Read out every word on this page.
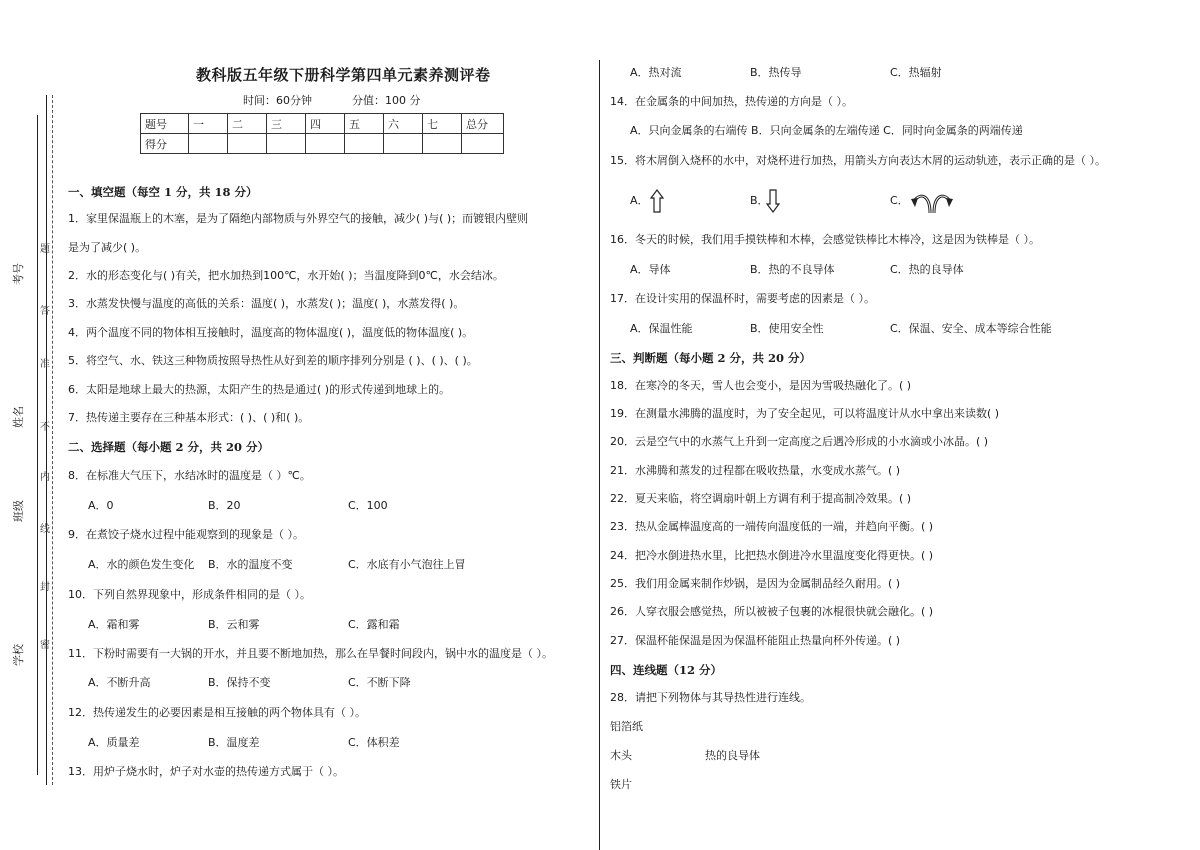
考号
姓名
班级
学校
题
答
准
不
内
线
封
密
教科版五年级下册科学第四单元素养测评卷
时间：60分钟	分值：100 分
题号	一	二	三	四	五	六	七	总分
得分								
一、填空题（每空 1 分，共 18 分）
1．家里保温瓶上的木塞，是为了隔绝内部物质与外界空气的接触，减少( )与( )；而镀银内壁则
是为了减少( )。
2．水的形态变化与( )有关，把水加热到100℃，水开始( )；当温度降到0℃，水会结冰。
3．水蒸发快慢与温度的高低的关系：温度( )，水蒸发( )；温度( )，水蒸发得( )。
4．两个温度不同的物体相互接触时，温度高的物体温度( )，温度低的物体温度( )。
5．将空气、水、铁这三种物质按照导热性从好到差的顺序排列分别是 ( )、( )、( )。
6．太阳是地球上最大的热源，太阳产生的热是通过( )的形式传递到地球上的。
7．热传递主要存在三种基本形式：( )、( )和( )。
二、选择题（每小题 2 分，共 20 分）
8．在标准大气压下，水结冰时的温度是（ ）℃。
A．0	B．20	C．100
9．在煮饺子烧水过程中能观察到的现象是（ ）。
A．水的颜色发生变化 B．水的温度不变	C．水底有小气泡往上冒
10．下列自然界现象中，形成条件相同的是（ ）。
A．霜和雾	B．云和雾	C．露和霜
11．下粉时需要有一大锅的开水，并且要不断地加热，那么在旱餐时间段内，锅中水的温度是（ ）。
A．不断升高	B．保持不变	C．不断下降
12．热传递发生的必要因素是相互接触的两个物体具有（ ）。
A．质量差	B．温度差	C．体积差
13．用炉子烧水时，炉子对水壶的热传递方式属于（ ）。
A．热对流	B．热传导	C．热辐射
14．在金属条的中间加热，热传递的方向是（ ）。
A．只向金属条的右端传 B．只向金属条的左端传递 C．同时向金属条的两端传递
15．将木屑倒入烧杯的水中，对烧杯进行加热，用箭头方向表达木屑的运动轨迹，表示正确的是（ ）。
A．	B．	C．
16．冬天的时候，我们用手摸铁棒和木棒，会感觉铁棒比木棒冷，这是因为铁棒是（ ）。
A．导体	B．热的不良导体	C．热的良导体
17．在设计实用的保温杯时，需要考虑的因素是（ ）。
A．保温性能	B．使用安全性	C．保温、安全、成本等综合性能
三、判断题（每小题 2 分，共 20 分）
18．在寒冷的冬天，雪人也会变小，是因为雪吸热融化了。( )
19．在测量水沸腾的温度时，为了安全起见，可以将温度计从水中拿出来读数( )
20．云是空气中的水蒸气上升到一定高度之后遇冷形成的小水滴或小冰晶。( )
21．水沸腾和蒸发的过程都在吸收热量，水变成水蒸气。( )
22．夏天来临，将空调扇叶朝上方调有利于提高制冷效果。( )
23．热从金属棒温度高的一端传向温度低的一端，并趋向平衡。( )
24．把冷水倒进热水里，比把热水倒进冷水里温度变化得更快。( )
25．我们用金属来制作炒锅，是因为金属制品经久耐用。( )
26．人穿衣服会感觉热，所以被被子包裹的冰棍很快就会融化。( )
27．保温杯能保温是因为保温杯能阻止热量向杯外传递。( )
四、连线题（12 分）
28．请把下列物体与其导热性进行连线。
铝箔纸
木头	热的良导体
铁片
